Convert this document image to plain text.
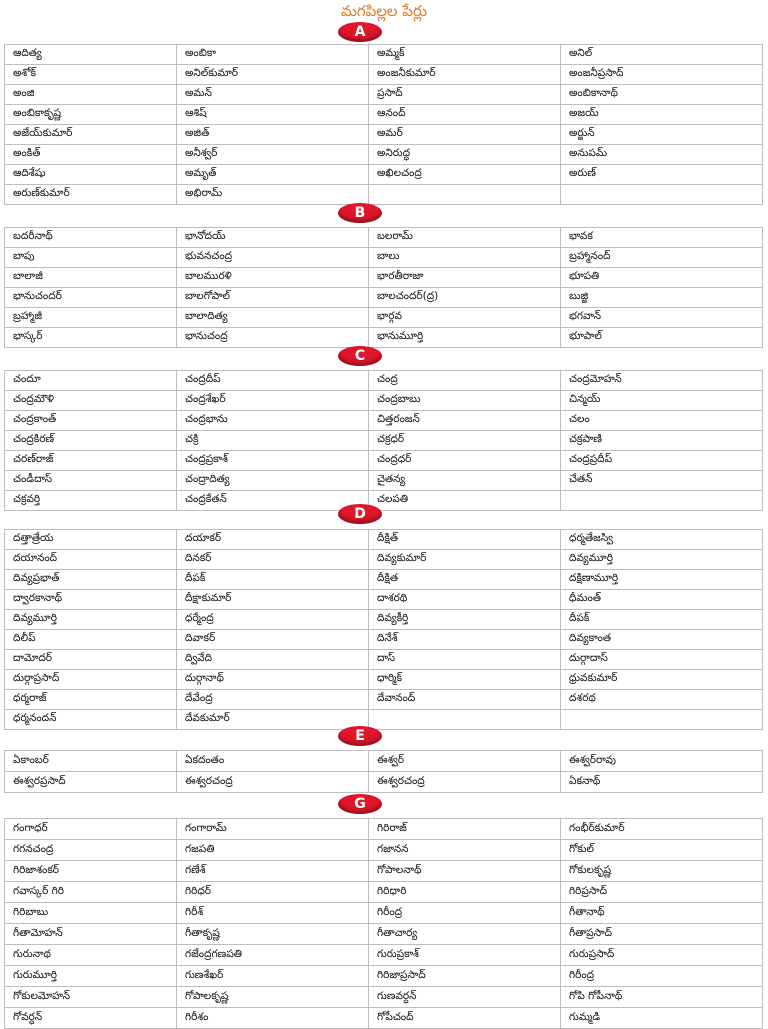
మగపిల్లల పేర్లు
A
ఆదిత్య	అంబికా	అమ్మక్	అనిల్
అశోక్	అనిల్‌కుమార్	అంజనీకుమార్	అంజనీప్రసాద్
అంజి	అమన్	ప్రసాద్	అంబికానాథ్
అంబికాకృష్ణ	ఆశిష్	ఆనంద్	అజయ్
అజేయ్‌కుమార్	అజిత్	అమర్	అర్జున్
అంకిత్	అనీశ్వర్	అనిరుద్ధ	అనుపమ్
ఆదిశేషు	అమృత్	అఖిలచంద్ర	అరుణ్
అరుణ్‌కుమార్	అభిరామ్		
B
బదరీనాథ్	భానోదయ్	బలరామ్	భావక
బాపు	భువనచంద్ర	బాలు	బ్రహ్మానంద్
బాలాజీ	బాలమురళి	భారతీరాజా	భూపతి
భానుచందర్	బాలగోపాల్	బాలచందర్(ద్ర)	బుజ్జి
బ్రహ్మాజీ	బాలాదిత్య	భార్గవ	భగవాన్
భాస్కర్	భానుచంద్ర	భానుమూర్తి	భూపాల్
C
చందూ	చంద్రదీప్	చంద్ర	చంద్రమోహన్
చంద్రమౌళి	చంద్రశేఖర్	చంద్రబాబు	చిన్మయ్
చంద్రకాంత్	చంద్రభాను	చిత్తరంజన్	చలం
చంద్రకిరణ్	చక్రి	చక్రధర్	చక్రపాణి
చరణ్‌రాజ్	చంద్రప్రకాశ్	చంద్రధర్	చంద్రప్రదీప్
చండీదాస్	చంద్రాదిత్య	చైతన్య	చేతన్
చక్రవర్తి	చంద్రకేతన్	చలపతి	
D
దత్తాత్రేయ	దయాకర్	దీక్షిత్	ధర్మతేజస్వి
దయానంద్	దినకర్	దివ్యకుమార్	దివ్యమూర్తి
దివ్యప్రభాత్	దీపక్	దీక్షిత	దక్షిణామూర్తి
ద్వారకానాథ్	దీక్షాకుమార్	దాశరథి	ధీమంత్
దివ్యమూర్తి	ధర్మేంద్ర	దివ్యకీర్తి	దీపక్
దిలీప్	దివాకర్	దినేశ్	దివ్యకాంత
దామోదర్	ద్వివేది	దాస్	దుర్గాదాస్
దుర్గాప్రసాద్	దుర్గానాథ్	ధార్మిక్	ధ్రువకుమార్
ధర్మరాజ్	దేవేంద్ర	దేవానంద్	దశరథ
ధర్మనందన్	దేవకుమార్		
E
ఏకాంబర్	ఏకదంతం	ఈశ్వర్	ఈశ్వర్‌రావు
ఈశ్వరప్రసాద్	ఈశ్వరచంద్ర	ఈశ్వరచంద్ర	ఏకనాథ్
G
గంగాధర్	గంగారామ్	గిరిరాజ్	గంభీర్‌కుమార్
గగనచంద్ర	గజపతి	గజానన	గోకుల్
గిరిజాశంకర్	గణేశ్	గోపాలనాథ్	గోకులకృష్ణ
గవాస్కర్ గిరి	గిరిధర్	గిరిధారి	గిరిప్రసాద్
గిరిబాబు	గిరీశ్	గిరీంద్ర	గీతానాథ్
గీతామోహన్	గీతాకృష్ణ	గీతాచార్య	గీతాప్రసాద్
గురునాథ	గజేంద్రగణపతి	గురుప్రకాశ్	గురుప్రసాద్
గురుమూర్తి	గుణశేఖర్	గిరిజాప్రసాద్	గిరీంద్ర
గోకులమోహన్	గోపాలకృష్ణ	గుణవర్ధన్	గోపి గోపీనాథ్
గోవర్ధన్	గిరీశం	గోపీచంద్	గుమ్మడి
